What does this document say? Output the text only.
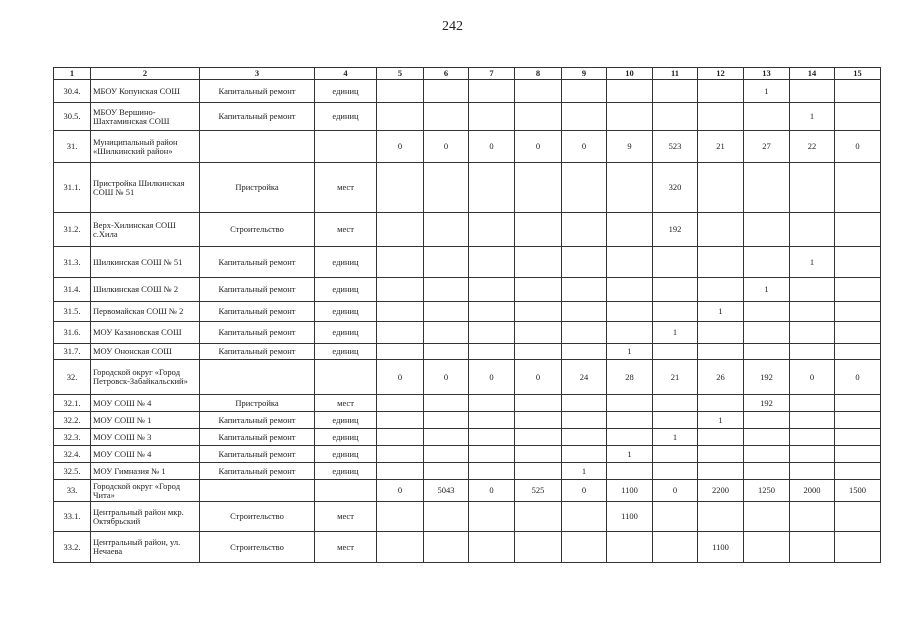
242
1	2	3	4	5	6	7	8	9	10	11	12	13	14	15
30.4.	МБОУ Копунская СОШ	Капитальный ремонт	единиц									1		
30.5.	МБОУ Вершино-Шахтаминская СОШ	Капитальный ремонт	единиц										1	
31.	Муниципальный район «Шилкинский район»			0	0	0	0	0	9	523	21	27	22	0
31.1.	Пристройка Шилкинская СОШ № 51	Пристройка	мест							320				
31.2.	Верх-Хилинская СОШ с.Хила	Строительство	мест							192				
31.3.	Шилкинская СОШ № 51	Капитальный ремонт	единиц										1	
31.4.	Шилкинская СОШ № 2	Капитальный ремонт	единиц									1		
31.5.	Первомайская СОШ № 2	Капитальный ремонт	единиц								1			
31.6.	МОУ Казановская СОШ	Капитальный ремонт	единиц							1				
31.7.	МОУ Ононская СОШ	Капитальный ремонт	единиц						1					
32.	Городской округ «Город Петровск-Забайкальский»			0	0	0	0	24	28	21	26	192	0	0
32.1.	МОУ СОШ № 4	Пристройка	мест									192		
32.2.	МОУ СОШ № 1	Капитальный ремонт	единиц								1			
32.3.	МОУ СОШ № 3	Капитальный ремонт	единиц							1				
32.4.	МОУ СОШ № 4	Капитальный ремонт	единиц						1					
32.5.	МОУ Гимназия № 1	Капитальный ремонт	единиц					1						
33.	Городской округ «Город Чита»			0	5043	0	525	0	1100	0	2200	1250	2000	1500
33.1.	Центральный район мкр. Октябрьский	Строительство	мест						1100					
33.2.	Центральный район, ул. Нечаева	Строительство	мест								1100			
